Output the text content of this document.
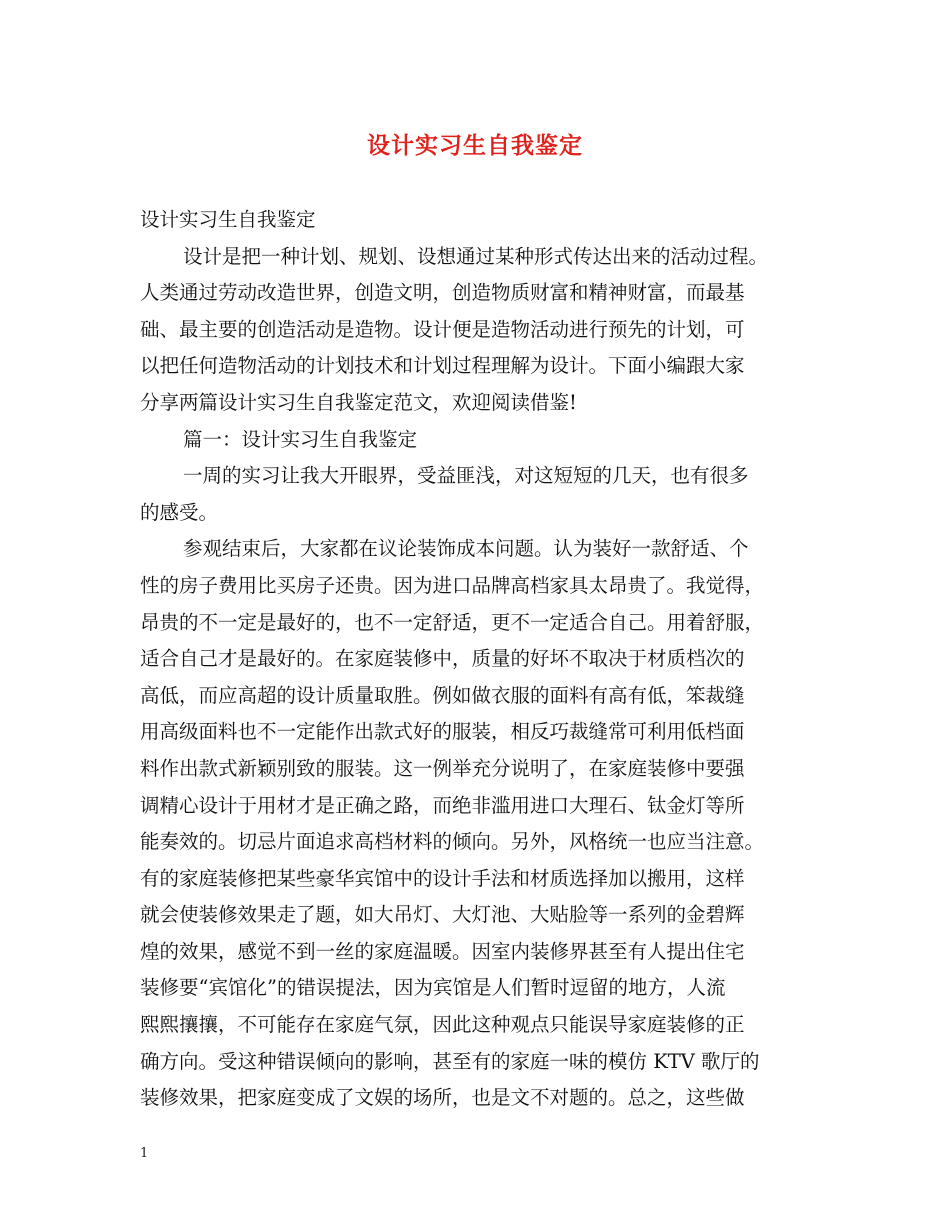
设计实习生自我鉴定
设计实习生自我鉴定
设计是把一种计划、规划、设想通过某种形式传达出来的活动过程。
人类通过劳动改造世界，创造文明，创造物质财富和精神财富，而最基
础、最主要的创造活动是造物。设计便是造物活动进行预先的计划，可
以把任何造物活动的计划技术和计划过程理解为设计。下面小编跟大家
分享两篇设计实习生自我鉴定范文，欢迎阅读借鉴!
篇一：设计实习生自我鉴定
一周的实习让我大开眼界，受益匪浅，对这短短的几天，也有很多
的感受。
参观结束后，大家都在议论装饰成本问题。认为装好一款舒适、个
性的房子费用比买房子还贵。因为进口品牌高档家具太昂贵了。我觉得，
昂贵的不一定是最好的，也不一定舒适，更不一定适合自己。用着舒服，
适合自己才是最好的。在家庭装修中，质量的好坏不取决于材质档次的
高低，而应高超的设计质量取胜。例如做衣服的面料有高有低，笨裁缝
用高级面料也不一定能作出款式好的服装，相反巧裁缝常可利用低档面
料作出款式新颖别致的服装。这一例举充分说明了，在家庭装修中要强
调精心设计于用材才是正确之路，而绝非滥用进口大理石、钛金灯等所
能奏效的。切忌片面追求高档材料的倾向。另外，风格统一也应当注意。
有的家庭装修把某些豪华宾馆中的设计手法和材质选择加以搬用，这样
就会使装修效果走了题，如大吊灯、大灯池、大贴脸等一系列的金碧辉
煌的效果，感觉不到一丝的家庭温暖。因室内装修界甚至有人提出住宅
装修要“宾馆化”的错误提法，因为宾馆是人们暂时逗留的地方，人流
熙熙攘攘，不可能存在家庭气氛，因此这种观点只能误导家庭装修的正
确方向。受这种错误倾向的影响，甚至有的家庭一味的模仿 KTV 歌厅的
装修效果，把家庭变成了文娱的场所，也是文不对题的。总之，这些做
1
